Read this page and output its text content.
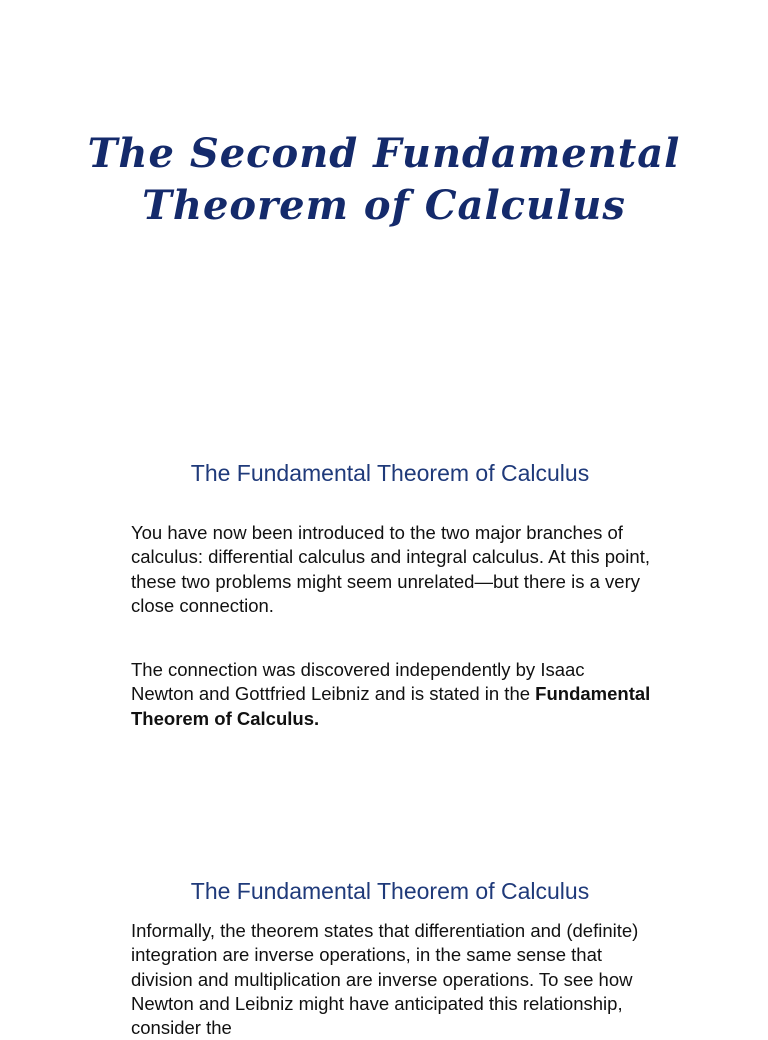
The Second Fundamental
Theorem of Calculus
The Fundamental Theorem of Calculus
You have now been introduced to the two major branches of calculus: differential calculus and integral calculus. At this point, these two problems might seem unrelated—but there is a very close connection.
The connection was discovered independently by Isaac Newton and Gottfried Leibniz and is stated in the Fundamental Theorem of Calculus.
The Fundamental Theorem of Calculus
Informally, the theorem states that differentiation and (definite) integration are inverse operations, in the same sense that division and multiplication are inverse operations. To see how Newton and Leibniz might have anticipated this relationship, consider the
